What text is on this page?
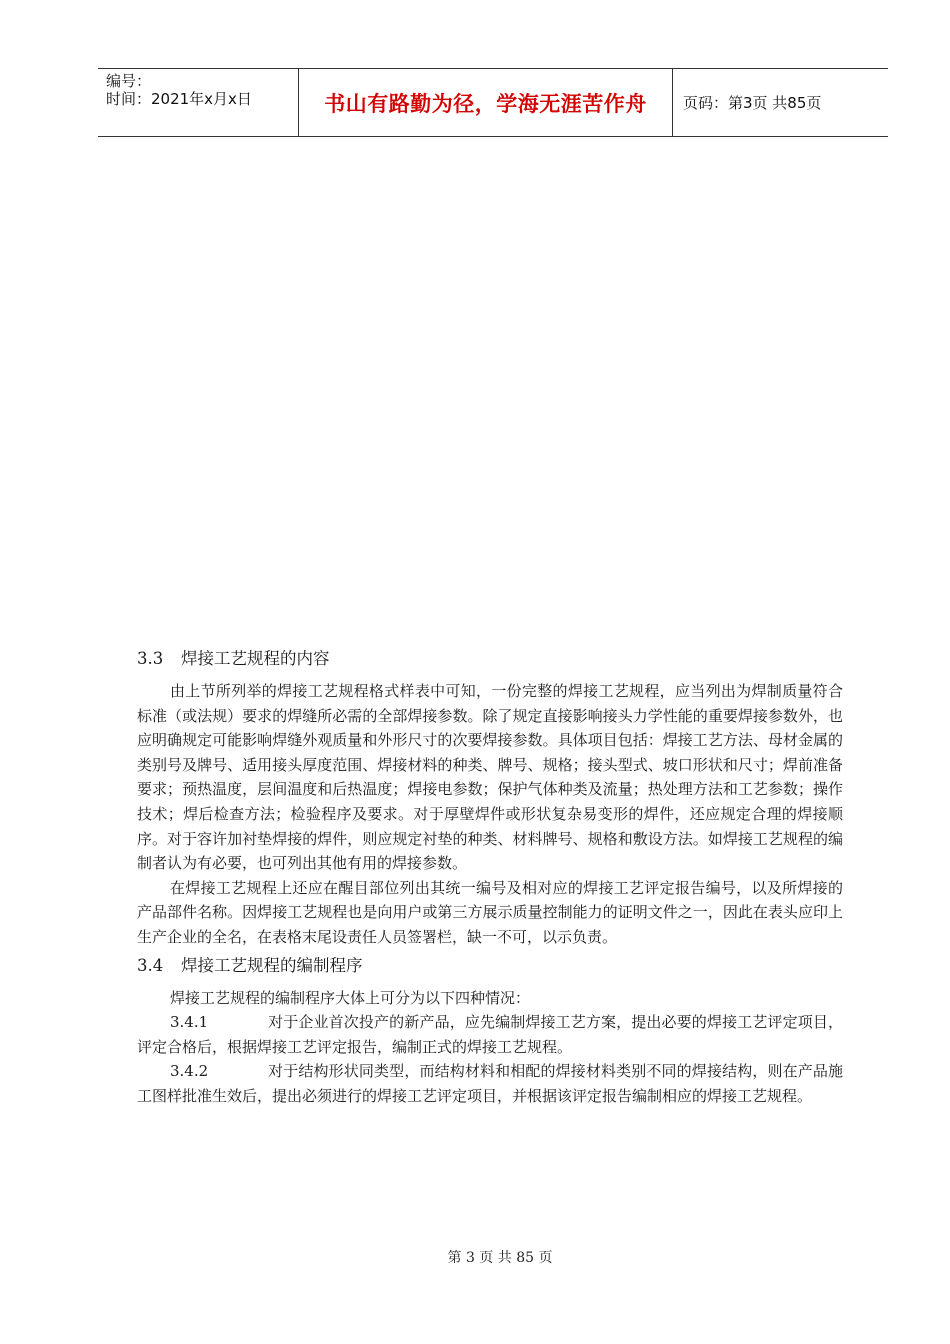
编号：
时间：2021年x月x日	书山有路勤为径，学海无涯苦作舟	页码：第3页 共85页
3.3 焊接工艺规程的内容

由上节所列举的焊接工艺规程格式样表中可知，一份完整的焊接工艺规程，应当列出为焊制质量符合标准（或法规）要求的焊缝所必需的全部焊接参数。除了规定直接影响接头力学性能的重要焊接参数外，也应明确规定可能影响焊缝外观质量和外形尺寸的次要焊接参数。具体项目包括：焊接工艺方法、母材金属的类别号及牌号、适用接头厚度范围、焊接材料的种类、牌号、规格；接头型式、坡口形状和尺寸；焊前准备要求；预热温度，层间温度和后热温度；焊接电参数；保护气体种类及流量；热处理方法和工艺参数；操作技术；焊后检查方法；检验程序及要求。对于厚壁焊件或形状复杂易变形的焊件，还应规定合理的焊接顺序。对于容许加衬垫焊接的焊件，则应规定衬垫的种类、材料牌号、规格和敷设方法。如焊接工艺规程的编制者认为有必要，也可列出其他有用的焊接参数。

在焊接工艺规程上还应在醒目部位列出其统一编号及相对应的焊接工艺评定报告编号，以及所焊接的产品部件名称。因焊接工艺规程也是向用户或第三方展示质量控制能力的证明文件之一，因此在表头应印上生产企业的全名，在表格末尾设责任人员签署栏，缺一不可，以示负责。

3.4 焊接工艺规程的编制程序

焊接工艺规程的编制程序大体上可分为以下四种情况：

3.4.1	对于企业首次投产的新产品，应先编制焊接工艺方案，提出必要的焊接工艺评定项目，评定合格后，根据焊接工艺评定报告，编制正式的焊接工艺规程。

3.4.2	对于结构形状同类型，而结构材料和相配的焊接材料类别不同的焊接结构，则在产品施工图样批准生效后，提出必须进行的焊接工艺评定项目，并根据该评定报告编制相应的焊接工艺规程。

第 3 页 共 85 页
